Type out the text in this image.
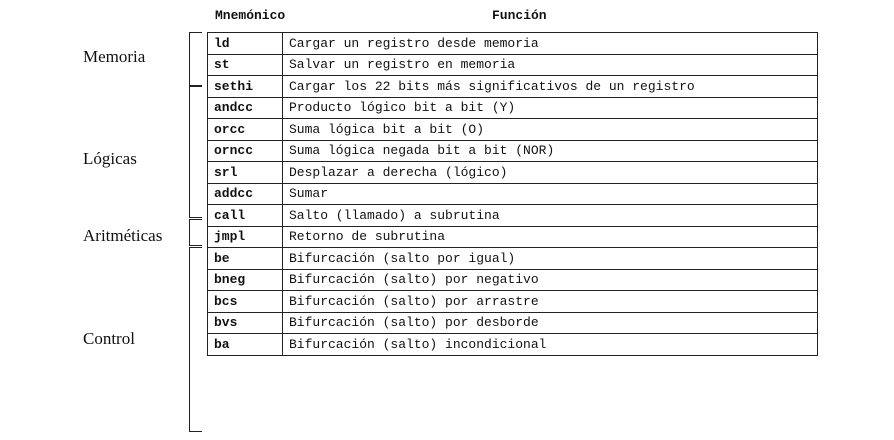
Mnemónico	Función
Memoria
Lógicas
Aritméticas
Control
ld	Cargar un registro desde memoria
st	Salvar un registro en memoria
sethi	Cargar los 22 bits más significativos de un registro
andcc	Producto lógico bit a bit (Y)
orcc	Suma lógica bit a bit (O)
orncc	Suma lógica negada bit a bit (NOR)
srl	Desplazar a derecha (lógico)
addcc	Sumar
call	Salto (llamado) a subrutina
jmpl	Retorno de subrutina
be	Bifurcación (salto por igual)
bneg	Bifurcación (salto) por negativo
bcs	Bifurcación (salto) por arrastre
bvs	Bifurcación (salto) por desborde
ba	Bifurcación (salto) incondicional
